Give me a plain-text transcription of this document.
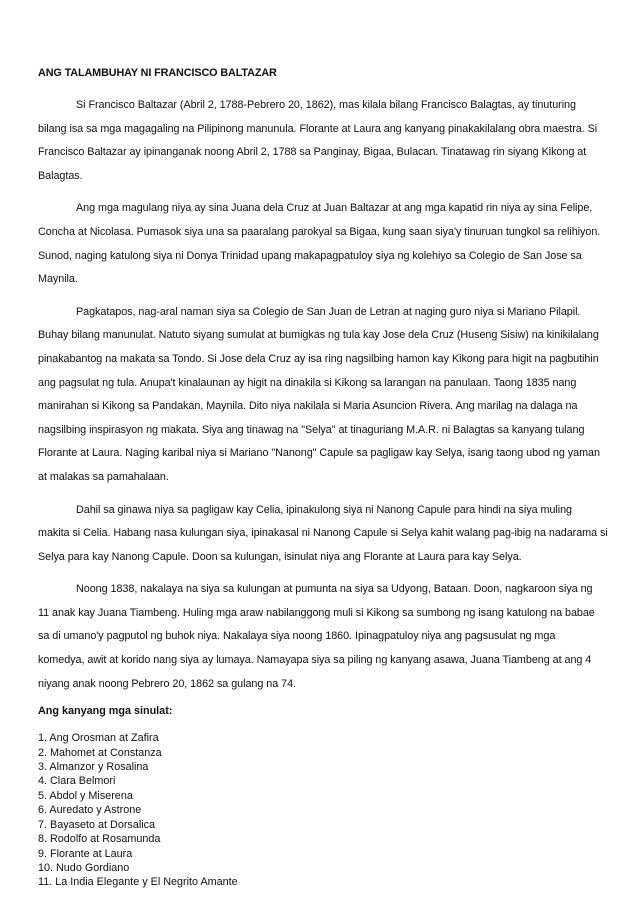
ANG TALAMBUHAY NI FRANCISCO BALTAZAR
Si Francisco Baltazar (Abril 2, 1788-Pebrero 20, 1862), mas kilala bilang Francisco Balagtas, ay tinuturing
bilang isa sa mga magagaling na Pilipinong manunula. Florante at Laura ang kanyang pinakakilalang obra maestra. Si
Francisco Baltazar ay ipinanganak noong Abril 2, 1788 sa Panginay, Bigaa, Bulacan. Tinatawag rin siyang Kikong at
Balagtas.
Ang mga magulang niya ay sina Juana dela Cruz at Juan Baltazar at ang mga kapatid rin niya ay sina Felipe,
Concha at Nicolasa. Pumasok siya una sa paaralang parokyal sa Bigaa, kung saan siya'y tinuruan tungkol sa relihiyon.
Sunod, naging katulong siya ni Donya Trinidad upang makapagpatuloy siya ng kolehiyo sa Colegio de San Jose sa
Maynila.
Pagkatapos, nag-aral naman siya sa Colegio de San Juan de Letran at naging guro niya si Mariano Pilapil.
Buhay bilang manunulat. Natuto siyang sumulat at bumigkas ng tula kay Jose dela Cruz (Huseng Sisiw) na kinikilalang
pinakabantog na makata sa Tondo. Si Jose dela Cruz ay isa ring nagsilbing hamon kay Kikong para higit na pagbutihin
ang pagsulat ng tula. Anupa't kinalaunan ay higit na dinakila si Kikong sa larangan na panulaan. Taong 1835 nang
manirahan si Kikong sa Pandakan, Maynila. Dito niya nakilala si Maria Asuncion Rivera. Ang marilag na dalaga na
nagsilbing inspirasyon ng makata. Siya ang tinawag na "Selya" at tinaguriang M.A.R. ni Balagtas sa kanyang tulang
Florante at Laura. Naging karibal niya si Mariano "Nanong" Capule sa pagligaw kay Selya, isang taong ubod ng yaman
at malakas sa pamahalaan.
Dahil sa ginawa niya sa pagligaw kay Celia, ipinakulong siya ni Nanong Capule para hindi na siya muling
makita si Celia. Habang nasa kulungan siya, ipinakasal ni Nanong Capule si Selya kahit walang pag-ibig na nadarama si
Selya para kay Nanong Capule. Doon sa kulungan, isinulat niya ang Florante at Laura para kay Selya.
Noong 1838, nakalaya na siya sa kulungan at pumunta na siya sa Udyong, Bataan. Doon, nagkaroon siya ng
11 anak kay Juana Tiambeng. Huling mga araw nabilanggong muli si Kikong sa sumbong ng isang katulong na babae
sa di umano'y pagputol ng buhok niya. Nakalaya siya noong 1860. Ipinagpatuloy niya ang pagsusulat ng mga
komedya, awit at korido nang siya ay lumaya. Namayapa siya sa piling ng kanyang asawa, Juana Tiambeng at ang 4
niyang anak noong Pebrero 20, 1862 sa gulang na 74.
Ang kanyang mga sinulat:
1. Ang Orosman at Zafira
2. Mahomet at Constanza
3. Almanzor y Rosalina
4. Clara Belmori
5. Abdol y Miserena
6. Auredato y Astrone
7. Bayaseto at Dorsalica
8. Rodolfo at Rosamunda
9. Florante at Laura
10. Nudo Gordiano
11. La India Elegante y El Negrito Amante
